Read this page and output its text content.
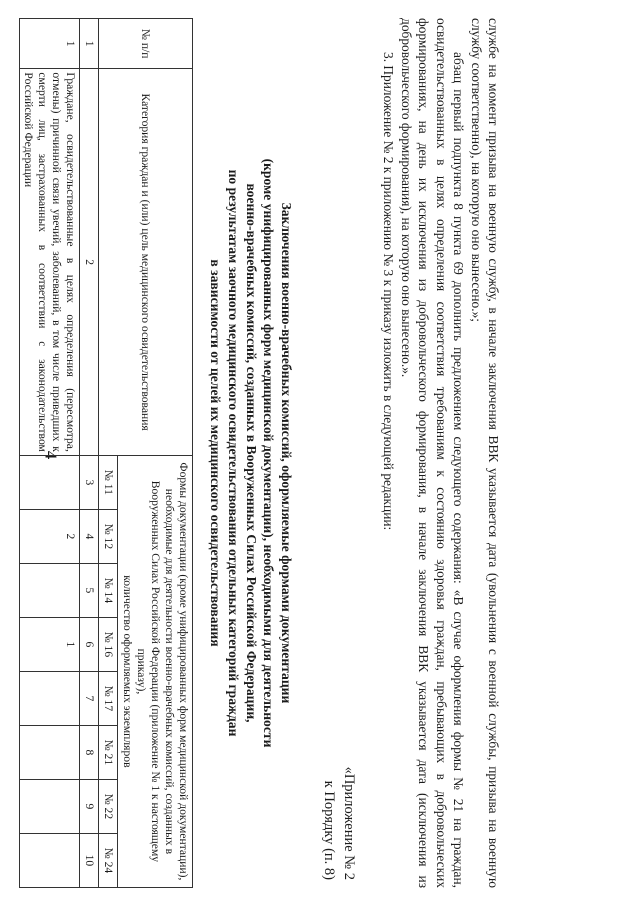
4	службе на момент призыва на военную службу, в начале заключения ВВК указывается дата (увольнения с военной службы, призыва на военную службу соответственно), на которую оно вынесено.»;

абзац первый подпункта 8 пункта 69 дополнить предложением следующего содержания: «В случае оформления формы № 21 на граждан, освидетельствованных в целях определения соответствия требованиям к состоянию здоровья граждан, пребывающих в добровольческих формированиях, на день их исключения из добровольческого формирования, в начале заключения ВВК указывается дата (исключения из добровольческого формирования), на которую оно вынесено.».

3. Приложение № 2 к приложению № 3 к приказу изложить в следующей редакции:

«Приложение № 2
к Порядку (п. 8)
Заключения военно-врачебных комиссий, оформляемые формами документации
(кроме унифицированных форм медицинской документации), необходимыми для деятельности
военно-врачебных комиссий, созданных в Вооруженных Силах Российской Федерации,
по результатам заочного медицинского освидетельствования отдельных категорий граждан
в зависимости от целей их медицинского освидетельствования
№ п/п	Категория граждан и (или) цель медицинского освидетельствования	Формы документации (кроме унифицированных форм медицинской документации), необходимые для деятельности военно-врачебных комиссий, созданных в Вооруженных Силах Российской Федерации (приложение № 1 к настоящему приказу),
количество оформляемых экземпляров							

		№ 11	№ 12	№ 14	№ 16	№ 17	№ 21	№ 22	№ 24
1	2	3	4	5	6	7	8	9	10
1	Граждане, освидетельствованные в целях определения (пересмотра, отмены) причинной связи увечий, заболеваний, в том числе приведших к смерти лиц, застрахованных в соответствии с законодательством Российской Федерации		2		1				
